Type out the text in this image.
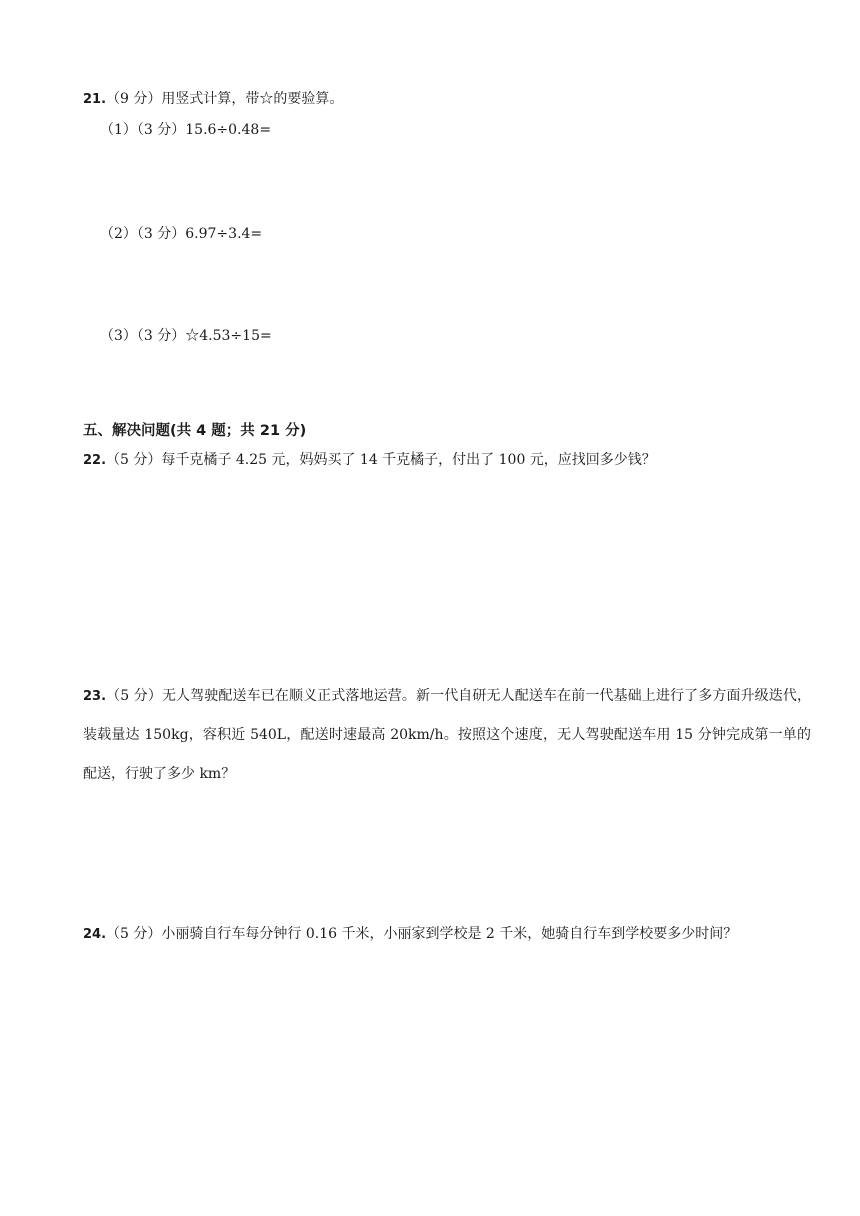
21.（9 分）用竖式计算，带☆的要验算。
（1）（3 分）15.6÷0.48=
（2）（3 分）6.97÷3.4=
（3）（3 分）☆4.53÷15=
五、解决问题(共 4 题；共 21 分)
22.（5 分）每千克橘子 4.25 元，妈妈买了 14 千克橘子，付出了 100 元，应找回多少钱？
23.（5 分）无人驾驶配送车已在顺义正式落地运营。新一代自研无人配送车在前一代基础上进行了多方面升级迭代，装载量达 150kg，容积近 540L，配送时速最高 20km/h。按照这个速度，无人驾驶配送车用 15 分钟完成第一单的配送，行驶了多少 km？
24.（5 分）小丽骑自行车每分钟行 0.16 千米，小丽家到学校是 2 千米，她骑自行车到学校要多少时间？
